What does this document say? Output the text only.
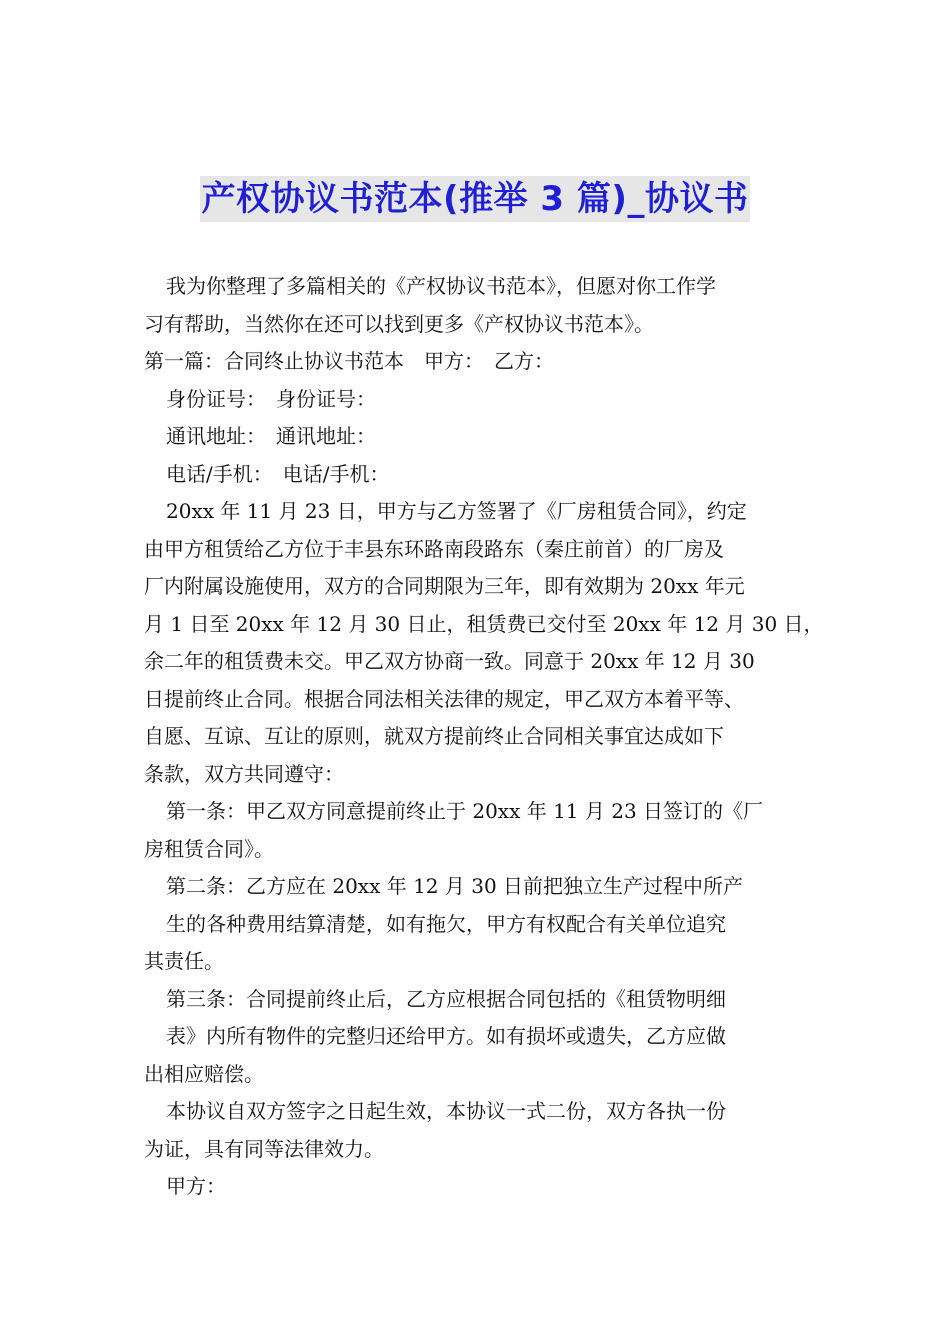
产权协议书范本(推举 3 篇)_协议书
我为你整理了多篇相关的《产权协议书范本》，但愿对你工作学
习有帮助，当然你在还可以找到更多《产权协议书范本》。
第一篇：合同终止协议书范本　甲方：　乙方：
身份证号：　身份证号：
通讯地址：　通讯地址：
电话/手机：　电话/手机：
20xx 年 11 月 23 日，甲方与乙方签署了《厂房租赁合同》，约定
由甲方租赁给乙方位于丰县东环路南段路东（秦庄前首）的厂房及
厂内附属设施使用，双方的合同期限为三年，即有效期为 20xx 年元
月 1 日至 20xx 年 12 月 30 日止，租赁费已交付至 20xx 年 12 月 30 日，
余二年的租赁费未交。甲乙双方协商一致。同意于 20xx 年 12 月 30
日提前终止合同。根据合同法相关法律的规定，甲乙双方本着平等、
自愿、互谅、互让的原则，就双方提前终止合同相关事宜达成如下
条款，双方共同遵守：
第一条：甲乙双方同意提前终止于 20xx 年 11 月 23 日签订的《厂
房租赁合同》。
第二条：乙方应在 20xx 年 12 月 30 日前把独立生产过程中所产
生的各种费用结算清楚，如有拖欠，甲方有权配合有关单位追究
其责任。
第三条：合同提前终止后，乙方应根据合同包括的《租赁物明细
表》内所有物件的完整归还给甲方。如有损坏或遗失，乙方应做
出相应赔偿。
本协议自双方签字之日起生效，本协议一式二份，双方各执一份
为证，具有同等法律效力。
甲方：
